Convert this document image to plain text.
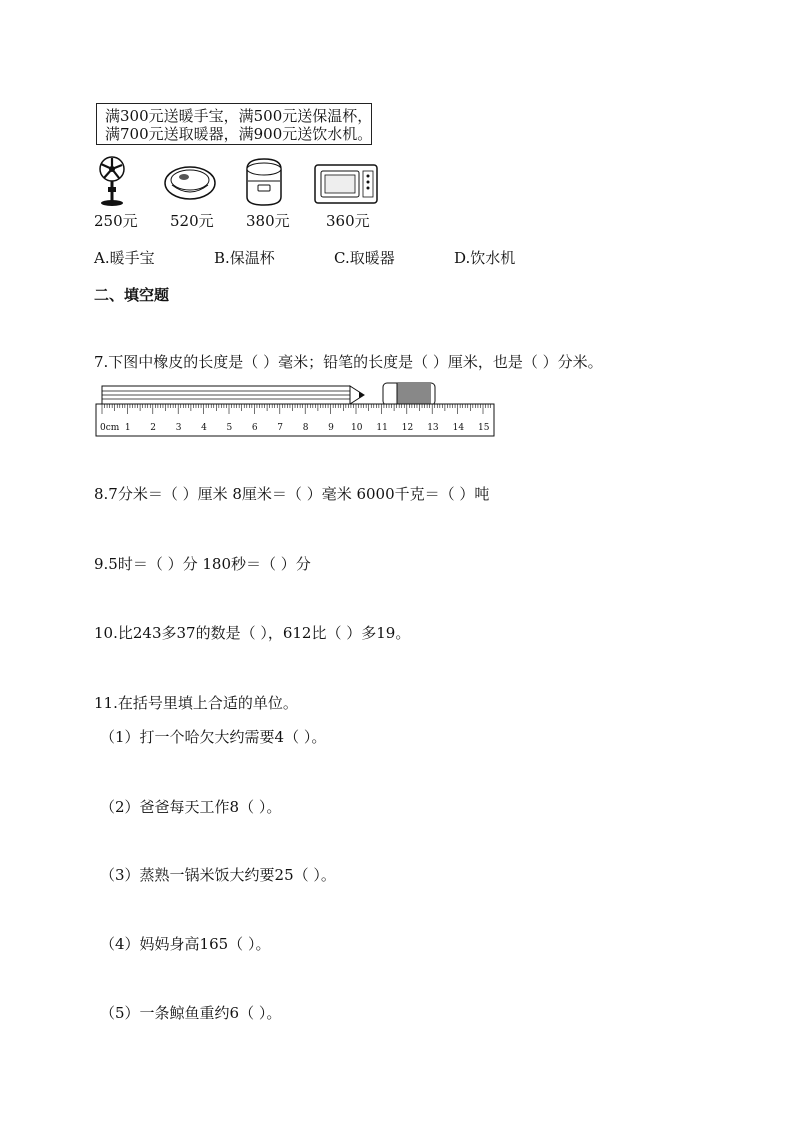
满300元送暖手宝，满500元送保温杯，
满700元送取暖器，满900元送饮水机。
250元 520元 380元 360元
A.暖手宝	B.保温杯	C.取暖器	D.饮水机
二、填空题
7.下图中橡皮的长度是（ ）毫米；铅笔的长度是（ ）厘米，也是（ ）分米。
0cm 1 2 3 4 5 6 7 8 9 10 11 12 13 14 15
8.7分米＝（ ）厘米 8厘米＝（ ）毫米 6000千克＝（ ）吨
9.5时＝（ ）分 180秒＝（ ）分
10.比243多37的数是（ ），612比（ ）多19。
11.在括号里填上合适的单位。
（1）打一个哈欠大约需要4（ ）。
（2）爸爸每天工作8（ ）。
（3）蒸熟一锅米饭大约要25（ ）。
（4）妈妈身高165（ ）。
（5）一条鲸鱼重约6（ ）。
